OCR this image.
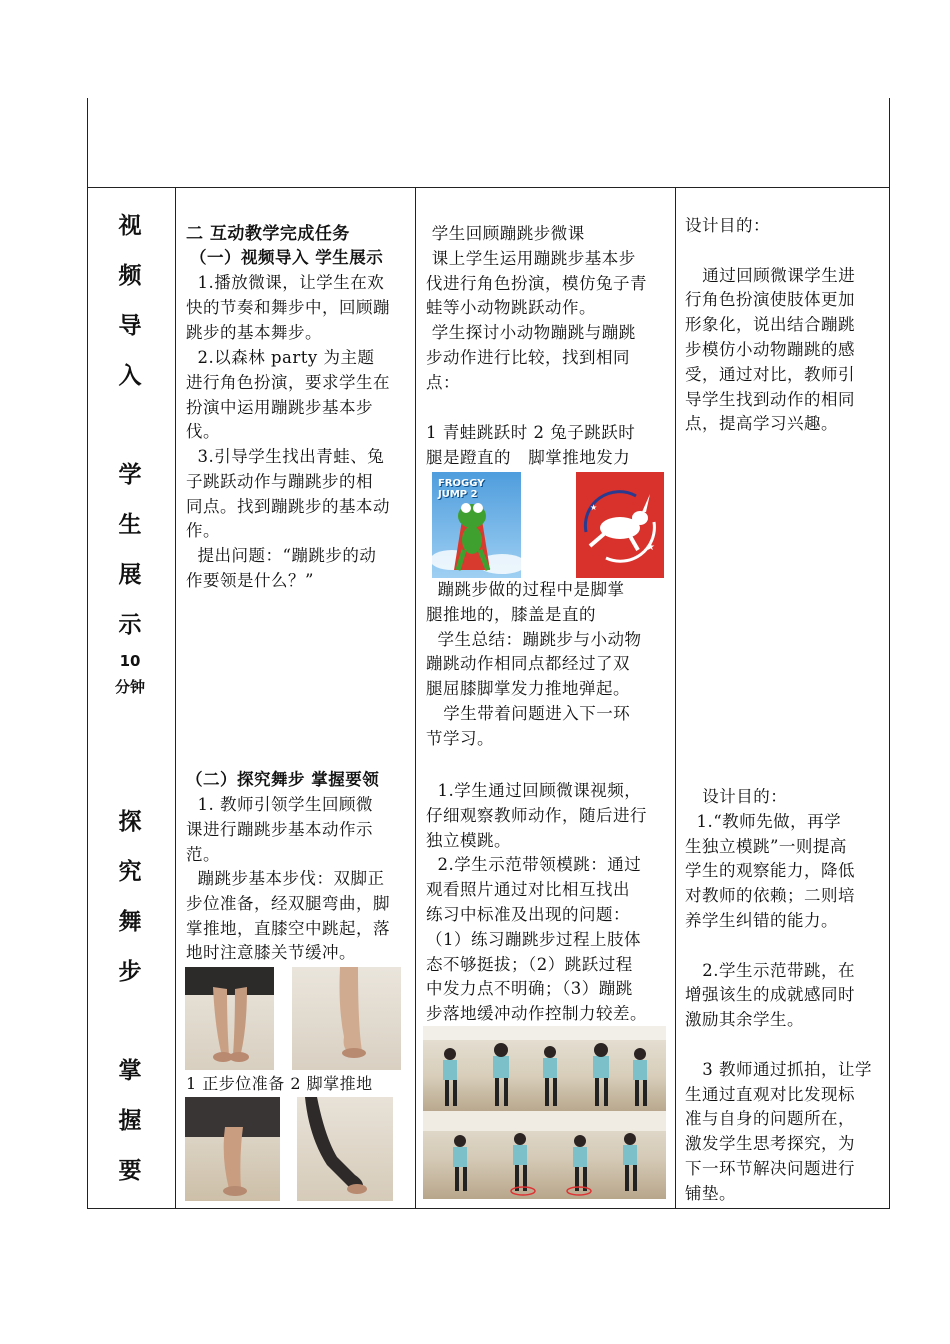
视
频
导
入
学
生
展
示
10
分钟
探
究
舞
步
掌
握
要
二 互动教学完成任务
（一）视频导入 学生展示
1.播放微课，让学生在欢
快的节奏和舞步中，回顾蹦
跳步的基本舞步。
2.以森林 party 为主题
进行角色扮演，要求学生在
扮演中运用蹦跳步基本步
伐。
3.引导学生找出青蛙、兔
子跳跃动作与蹦跳步的相
同点。找到蹦跳步的基本动
作。
提出问题：“蹦跳步的动
作要领是什么？”
（二）探究舞步 掌握要领
1. 教师引领学生回顾微
课进行蹦跳步基本动作示
范。
蹦跳步基本步伐：双脚正
步位准备，经双腿弯曲，脚
掌推地，直膝空中跳起，落
地时注意膝关节缓冲。
1 正步位准备 2 脚掌推地
学生回顾蹦跳步微课
课上学生运用蹦跳步基本步
伐进行角色扮演，模仿兔子青
蛙等小动物跳跃动作。
学生探讨小动物蹦跳与蹦跳
步动作进行比较，找到相同
点：
1 青蛙跳跃时 2 兔子跳跃时
腿是蹬直的   脚掌推地发力
FROGGY JUMP 2
★
★
蹦跳步做的过程中是脚掌
腿推地的，膝盖是直的
学生总结：蹦跳步与小动物
蹦跳动作相同点都经过了双
腿屈膝脚掌发力推地弹起。
学生带着问题进入下一环
节学习。
1.学生通过回顾微课视频，
仔细观察教师动作，随后进行
独立模跳。
2.学生示范带领模跳：通过
观看照片通过对比相互找出
练习中标准及出现的问题：
（1）练习蹦跳步过程上肢体
态不够挺拔；（2）跳跃过程
中发力点不明确；（3）蹦跳
步落地缓冲动作控制力较差。
设计目的：

通过回顾微课学生进
行角色扮演使肢体更加
形象化，说出结合蹦跳
步模仿小动物蹦跳的感
受，通过对比，教师引
导学生找到动作的相同
点，提高学习兴趣。
设计目的：
1.“教师先做，再学
生独立模跳”一则提高
学生的观察能力，降低
对教师的依赖；二则培
养学生纠错的能力。

2.学生示范带跳，在
增强该生的成就感同时
激励其余学生。

3 教师通过抓拍，让学
生通过直观对比发现标
准与自身的问题所在，
激发学生思考探究，为
下一环节解决问题进行
铺垫。
